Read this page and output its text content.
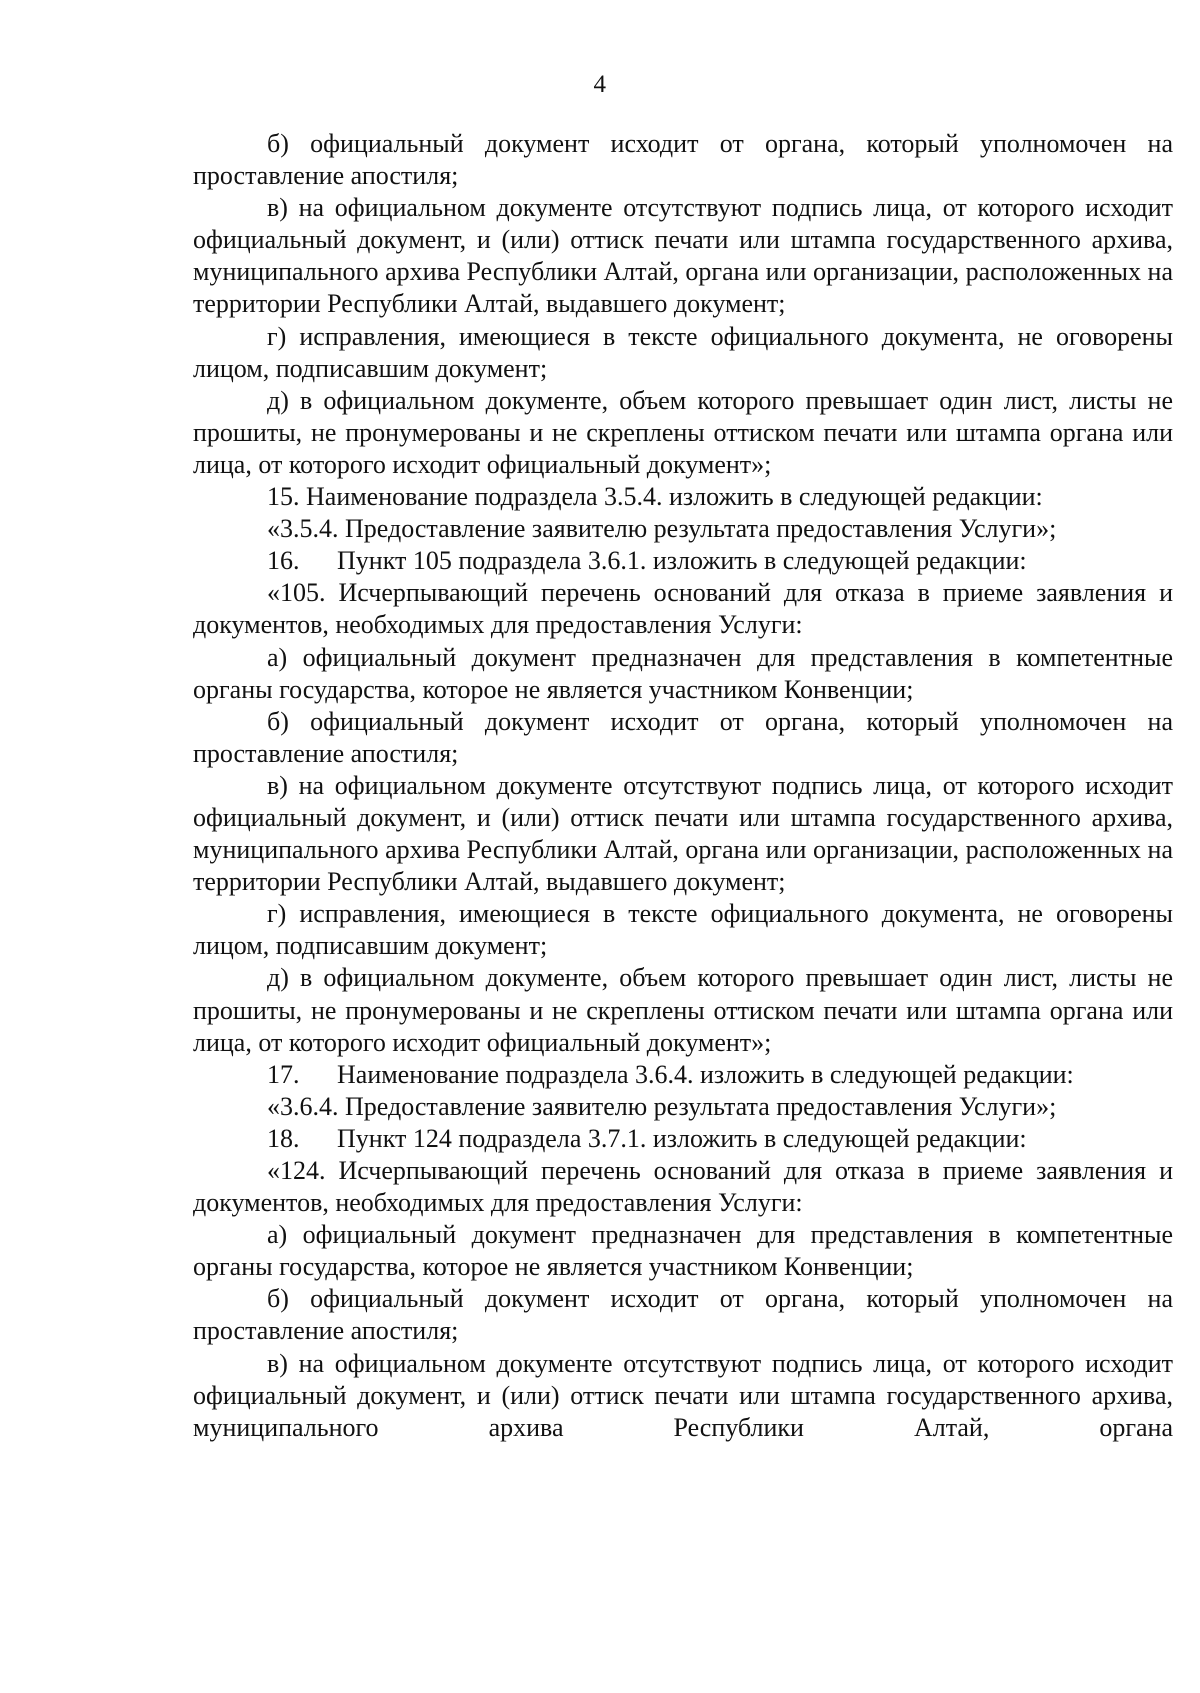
4

б) официальный документ исходит от органа, который уполномочен на проставление апостиля;

в) на официальном документе отсутствуют подпись лица, от которого исходит официальный документ, и (или) оттиск печати или штампа государственного архива, муниципального архива Республики Алтай, органа или организации, расположенных на территории Республики Алтай, выдавшего документ;

г) исправления, имеющиеся в тексте официального документа, не оговорены лицом, подписавшим документ;

д) в официальном документе, объем которого превышает один лист, листы не прошиты, не пронумерованы и не скреплены оттиском печати или штампа органа или лица, от которого исходит официальный документ»;

15. Наименование подраздела 3.5.4. изложить в следующей редакции:

«3.5.4. Предоставление заявителю результата предоставления Услуги»;

16. Пункт 105 подраздела 3.6.1. изложить в следующей редакции:

«105. Исчерпывающий перечень оснований для отказа в приеме заявления и документов, необходимых для предоставления Услуги:

а) официальный документ предназначен для представления в компетентные органы государства, которое не является участником Конвенции;

б) официальный документ исходит от органа, который уполномочен на проставление апостиля;

в) на официальном документе отсутствуют подпись лица, от которого исходит официальный документ, и (или) оттиск печати или штампа государственного архива, муниципального архива Республики Алтай, органа или организации, расположенных на территории Республики Алтай, выдавшего документ;

г) исправления, имеющиеся в тексте официального документа, не оговорены лицом, подписавшим документ;

д) в официальном документе, объем которого превышает один лист, листы не прошиты, не пронумерованы и не скреплены оттиском печати или штампа органа или лица, от которого исходит официальный документ»;

17. Наименование подраздела 3.6.4. изложить в следующей редакции:

«3.6.4. Предоставление заявителю результата предоставления Услуги»;

18. Пункт 124 подраздела 3.7.1. изложить в следующей редакции:

«124. Исчерпывающий перечень оснований для отказа в приеме заявления и документов, необходимых для предоставления Услуги:

а) официальный документ предназначен для представления в компетентные органы государства, которое не является участником Конвенции;

б) официальный документ исходит от органа, который уполномочен на проставление апостиля;

в) на официальном документе отсутствуют подпись лица, от которого исходит официальный документ, и (или) оттиск печати или штампа государственного архива, муниципального архива Республики Алтай, органа
